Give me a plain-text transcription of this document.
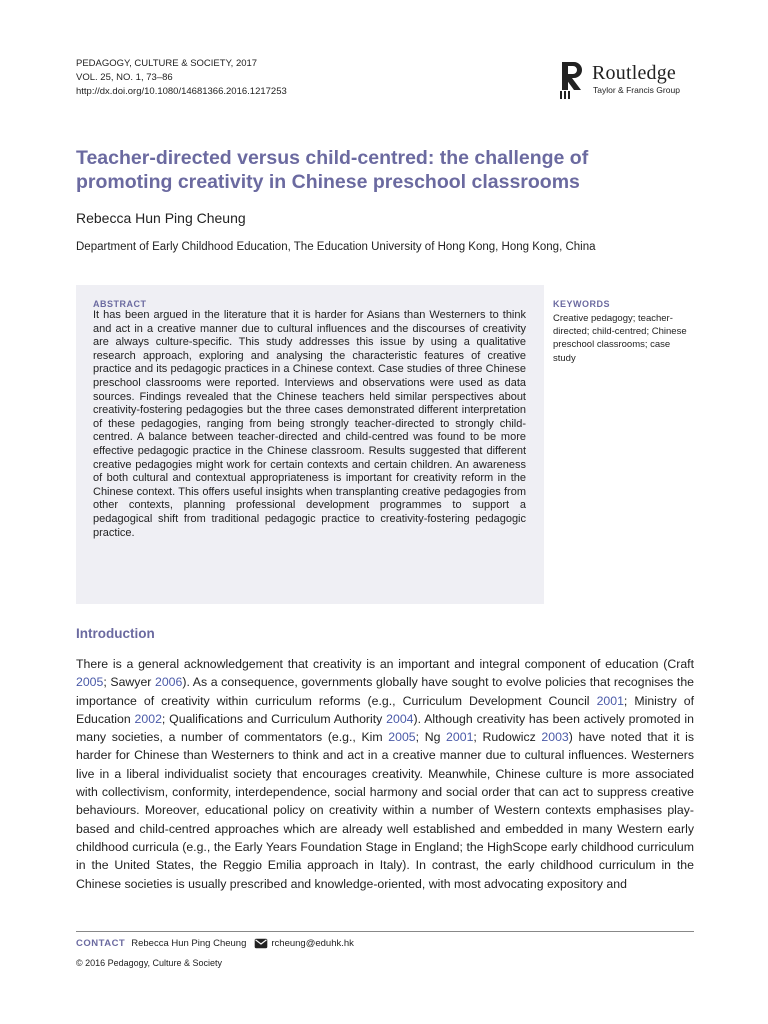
PEDAGOGY, CULTURE & SOCIETY, 2017
VOL. 25, NO. 1, 73–86
http://dx.doi.org/10.1080/14681366.2016.1217253
Routledge
Taylor & Francis Group
Teacher-directed versus child-centred: the challenge of promoting creativity in Chinese preschool classrooms
Rebecca Hun Ping Cheung
Department of Early Childhood Education, The Education University of Hong Kong, Hong Kong, China
ABSTRACT

It has been argued in the literature that it is harder for Asians than Westerners to think and act in a creative manner due to cultural influences and the discourses of creativity are always culture-specific. This study addresses this issue by using a qualitative research approach, exploring and analysing the characteristic features of creative practice and its pedagogic practices in a Chinese context. Case studies of three Chinese preschool classrooms were reported. Interviews and observations were used as data sources. Findings revealed that the Chinese teachers held similar perspectives about creativity-fostering pedagogies but the three cases demonstrated different interpretation of these pedagogies, ranging from being strongly teacher-directed to strongly child-centred. A balance between teacher-directed and child-centred was found to be more effective pedagogic practice in the Chinese classroom. Results suggested that different creative pedagogies might work for certain contexts and certain children. An awareness of both cultural and contextual appropriateness is important for creativity reform in the Chinese context. This offers useful insights when transplanting creative pedagogies from other contexts, planning professional development programmes to support a pedagogical shift from traditional pedagogic practice to creativity-fostering pedagogic practice.

KEYWORDS

Creative pedagogy; teacher-directed; child-centred; Chinese preschool classrooms; case study

Introduction

There is a general acknowledgement that creativity is an important and integral component of education (Craft 2005; Sawyer 2006). As a consequence, governments globally have sought to evolve policies that recognises the importance of creativity within curriculum reforms (e.g., Curriculum Development Council 2001; Ministry of Education 2002; Qualifications and Curriculum Authority 2004). Although creativity has been actively promoted in many societies, a number of commentators (e.g., Kim 2005; Ng 2001; Rudowicz 2003) have noted that it is harder for Chinese than Westerners to think and act in a creative manner due to cultural influences. Westerners live in a liberal individualist society that encourages creativity. Meanwhile, Chinese culture is more associated with collectivism, conformity, interdependence, social harmony and social order that can act to suppress creative behaviours. Moreover, educational policy on creativity within a number of Western contexts emphasises play-based and child-centred approaches which are already well established and embedded in many Western early childhood curricula (e.g., the Early Years Foundation Stage in England; the HighScope early childhood curriculum in the United States, the Reggio Emilia approach in Italy). In contrast, the early childhood curriculum in the Chinese societies is usually prescribed and knowledge-oriented, with most advocating expository and

CONTACT Rebecca Hun Ping Cheung	rcheung@eduhk.hk
© 2016 Pedagogy, Culture & Society
